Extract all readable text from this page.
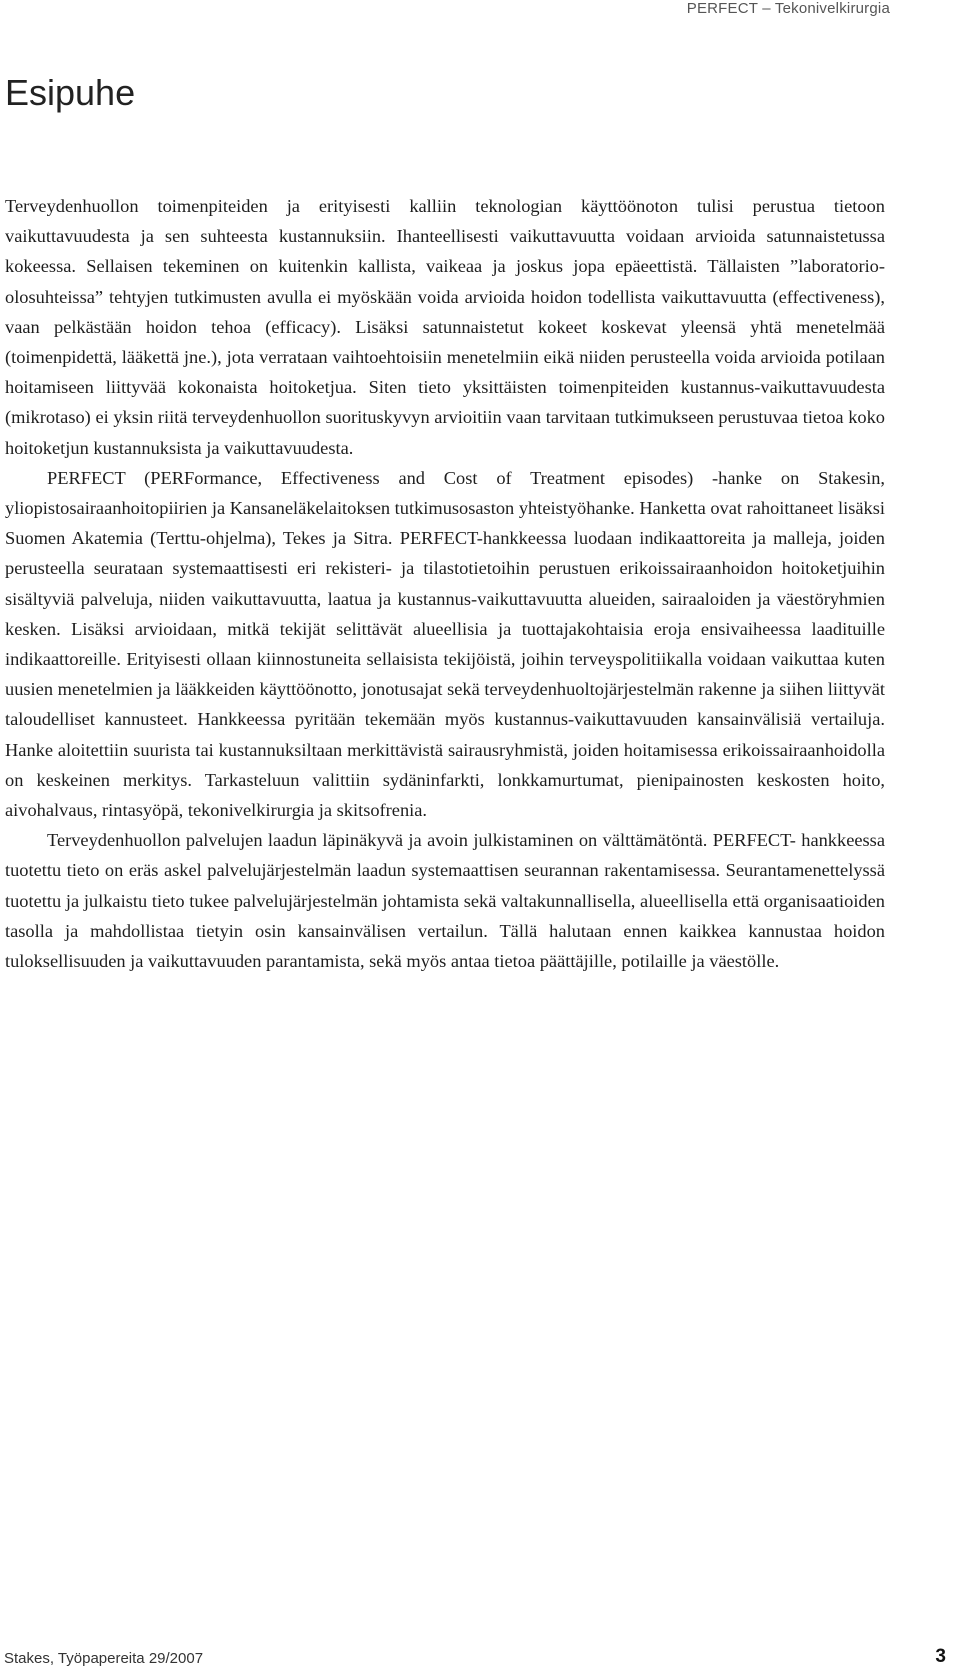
PERFECT – Tekonivelkirurgia
Esipuhe

Terveydenhuollon toimenpiteiden ja erityisesti kalliin teknologian käyttöönoton tulisi perustua tietoon vaikuttavuudesta ja sen suhteesta kustannuksiin. Ihanteellisesti vaikuttavuutta voidaan arvioida satunnaistetussa kokeessa. Sellaisen tekeminen on kuitenkin kallista, vaikeaa ja joskus jopa epäeettistä. Tällaisten ”laboratorio-olosuhteissa” tehtyjen tutkimusten avulla ei myöskään voida arvioida hoidon todellista vaikuttavuutta (effectiveness), vaan pelkästään hoidon tehoa (efficacy). Lisäksi satunnaistetut kokeet koskevat yleensä yhtä menetelmää (toimenpidettä, lääkettä jne.), jota verrataan vaihtoehtoisiin menetelmiin eikä niiden perusteella voida arvioida potilaan hoitamiseen liittyvää kokonaista hoitoketjua. Siten tieto yksittäisten toimenpiteiden kustannus-vaikuttavuudesta (mikrotaso) ei yksin riitä terveydenhuollon suorituskyvyn arvioitiin vaan tarvitaan tutkimukseen perustuvaa tietoa koko hoitoketjun kustannuksista ja vaikuttavuudesta.

PERFECT (PERFormance, Effectiveness and Cost of Treatment episodes) -hanke on Stakesin, yliopistosairaanhoitopiirien ja Kansaneläkelaitoksen tutkimusosaston yhteistyöhanke. Hanketta ovat rahoittaneet lisäksi Suomen Akatemia (Terttu-ohjelma), Tekes ja Sitra. PERFECT-hankkeessa luodaan indikaattoreita ja malleja, joiden perusteella seurataan systemaattisesti eri rekisteri- ja tilastotietoihin perustuen erikoissairaanhoidon hoitoketjuihin sisältyviä palveluja, niiden vaikuttavuutta, laatua ja kustannus-vaikuttavuutta alueiden, sairaaloiden ja väestöryhmien kesken. Lisäksi arvioidaan, mitkä tekijät selittävät alueellisia ja tuottajakohtaisia eroja ensivaiheessa laadituille indikaattoreille. Erityisesti ollaan kiinnostuneita sellaisista tekijöistä, joihin terveyspolitiikalla voidaan vaikuttaa kuten uusien menetelmien ja lääkkeiden käyttöönotto, jonotusajat sekä terveydenhuoltojärjestelmän rakenne ja siihen liittyvät taloudelliset kannusteet. Hankkeessa pyritään tekemään myös kustannus-vaikuttavuuden kansainvälisiä vertailuja. Hanke aloitettiin suurista tai kustannuksiltaan merkittävistä sairausryhmistä, joiden hoitamisessa erikoissairaanhoidolla on keskeinen merkitys. Tarkasteluun valittiin sydäninfarkti, lonkkamurtumat, pienipainosten keskosten hoito, aivohalvaus, rintasyöpä, tekonivelkirurgia ja skitsofrenia.

Terveydenhuollon palvelujen laadun läpinäkyvä ja avoin julkistaminen on välttämätöntä. PERFECT- hankkeessa tuotettu tieto on eräs askel palvelujärjestelmän laadun systemaattisen seurannan rakentamisessa. Seurantamenettelyssä tuotettu ja julkaistu tieto tukee palvelujärjestelmän johtamista sekä valtakunnallisella, alueellisella että organisaatioiden tasolla ja mahdollistaa tietyin osin kansainvälisen vertailun. Tällä halutaan ennen kaikkea kannustaa hoidon tuloksellisuuden ja vaikuttavuuden parantamista, sekä myös antaa tietoa päättäjille, potilaille ja väestölle.

Stakes, Työpapereita 29/2007	3
